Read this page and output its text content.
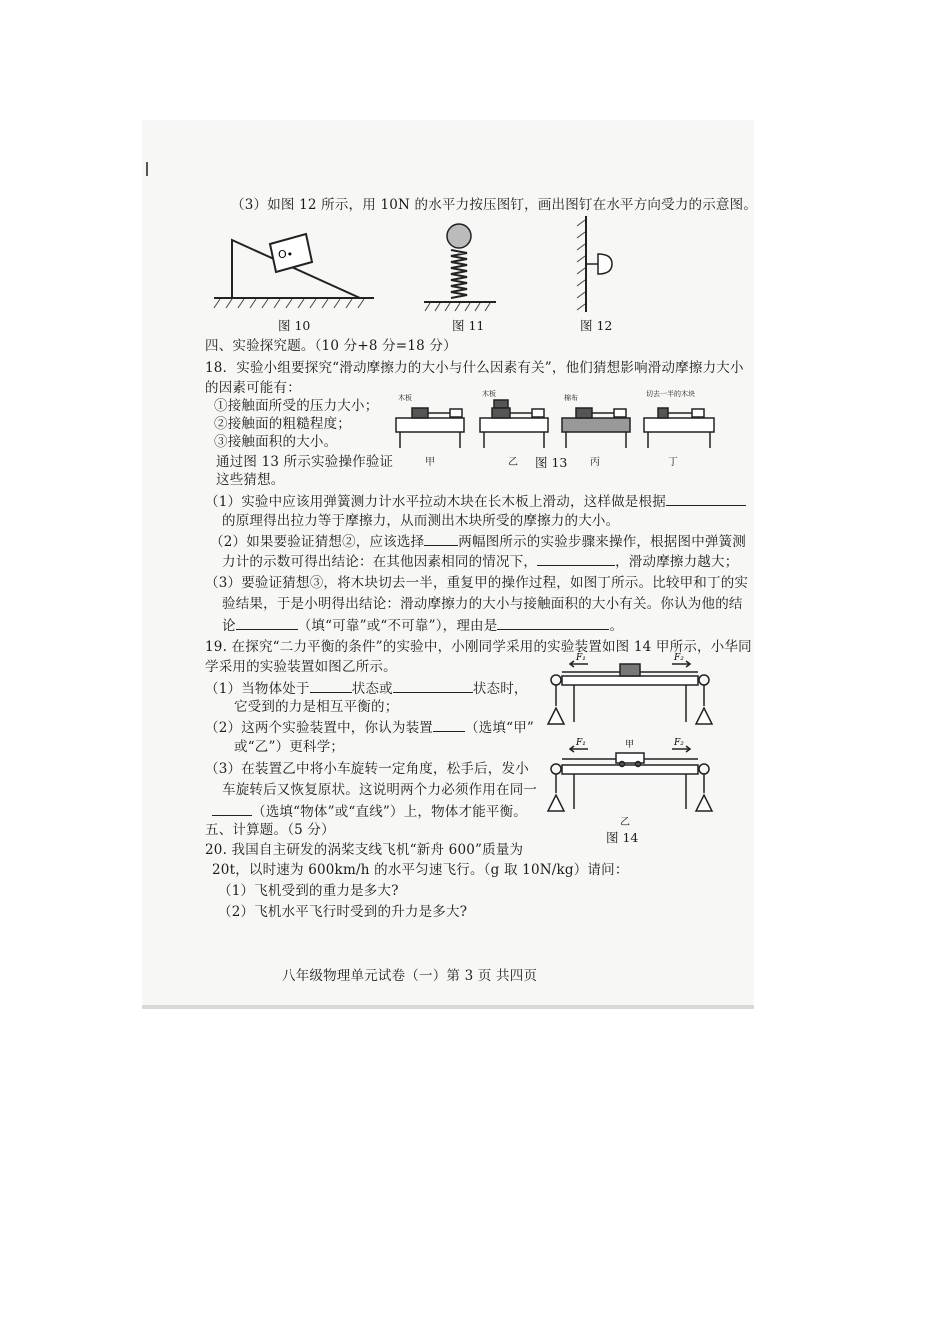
（3）如图 12 所示，用 10N 的水平力按压图钉，画出图钉在水平方向受力的示意图。
O•
图 10	图 11	图 12
四、实验探究题。（10 分+8 分=18 分）
18．实验小组要探究“滑动摩擦力的大小与什么因素有关”，他们猜想影响滑动摩擦力大小
的因素可能有：
①接触面所受的压力大小；
②接触面的粗糙程度；
③接触面积的大小。
通过图 13 所示实验操作验证
这些猜想。
木板	木板	棉布	切去一半的木块
甲	乙 图 13 丙	丁
（1）实验中应该用弹簧测力计水平拉动木块在长木板上滑动，这样做是根据
的原理得出拉力等于摩擦力，从而测出木块所受的摩擦力的大小。
（2）如果要验证猜想②，应该选择	两幅图所示的实验步骤来操作，根据图中弹簧测
力计的示数可得出结论：在其他因素相同的情况下，	，滑动摩擦力越大；
（3）要验证猜想③，将木块切去一半，重复甲的操作过程，如图丁所示。比较甲和丁的实
验结果，于是小明得出结论：滑动摩擦力的大小与接触面积的大小有关。你认为他的结
论	（填“可靠”或“不可靠”），理由是	。
19. 在探究“二力平衡的条件”的实验中，小刚同学采用的实验装置如图 14 甲所示，小华同
学采用的实验装置如图乙所示。
（1）当物体处于	状态或	状态时，
它受到的力是相互平衡的；
（2）这两个实验装置中，你认为装置 （选填“甲”
或“乙”）更科学；
（3）在装置乙中将小车旋转一定角度，松手后，发小
车旋转后又恢复原状。这说明两个力必须作用在同一
（选填“物体”或“直线”）上，物体才能平衡。
F₁	F₂
F₁	F₂
甲
乙
图 14
五、计算题。（5 分）
20. 我国自主研发的涡桨支线飞机“新舟 600”质量为
20t，以时速为 600km/h 的水平匀速飞行。（g 取 10N/kg）请问：
（1）飞机受到的重力是多大?
（2）飞机水平飞行时受到的升力是多大?
八年级物理单元试卷（一）第 3 页 共四页
